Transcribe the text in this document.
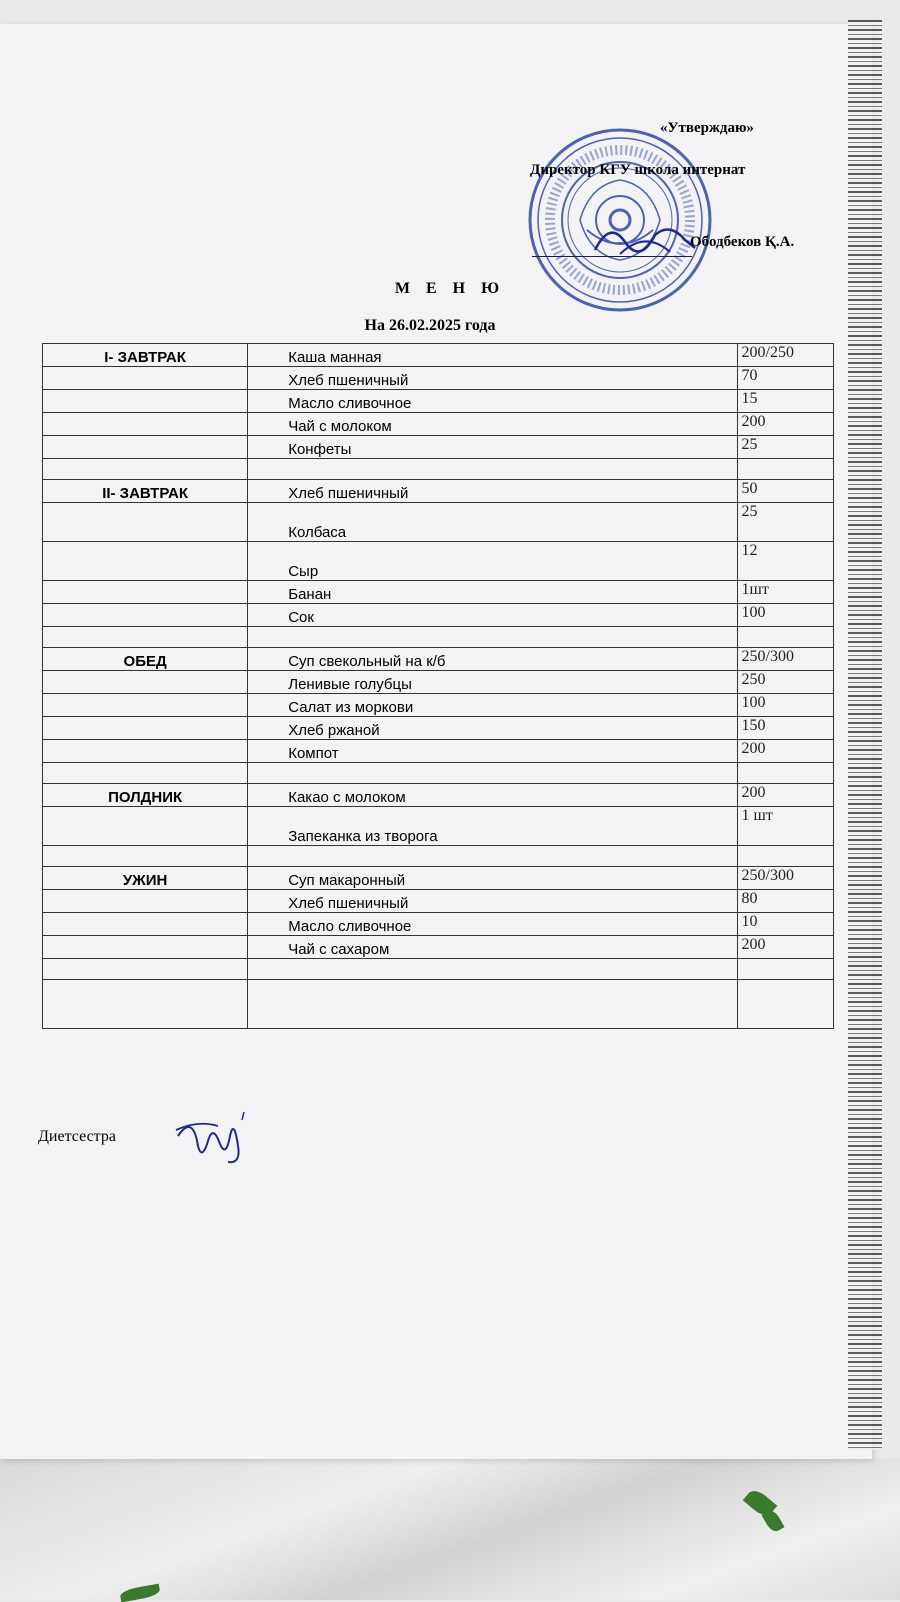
«Утверждаю»
Директор КГУ школа интернат
Ободбеков Қ.А.
М Е Н Ю
На 26.02.2025 года
I- ЗАВТРАК	Каша манная	200/250
	Хлеб пшеничный	70
	Масло сливочное	15
	Чай с молоком	200
	Конфеты	25

II- ЗАВТРАК	Хлеб пшеничный	50
	Колбаса	25
	Сыр	12
	Банан	1шт
	Сок	100

ОБЕД	Суп свекольный на к/б	250/300
	Ленивые голубцы	250
	Салат из моркови	100
	Хлеб ржаной	150
	Компот	200

ПОЛДНИК	Какао с молоком	200
	Запеканка из творога	1 шт

УЖИН	Суп макаронный	250/300
	Хлеб пшеничный	80
	Масло сливочное	10
	Чай с сахаром	200

Диетсестра
